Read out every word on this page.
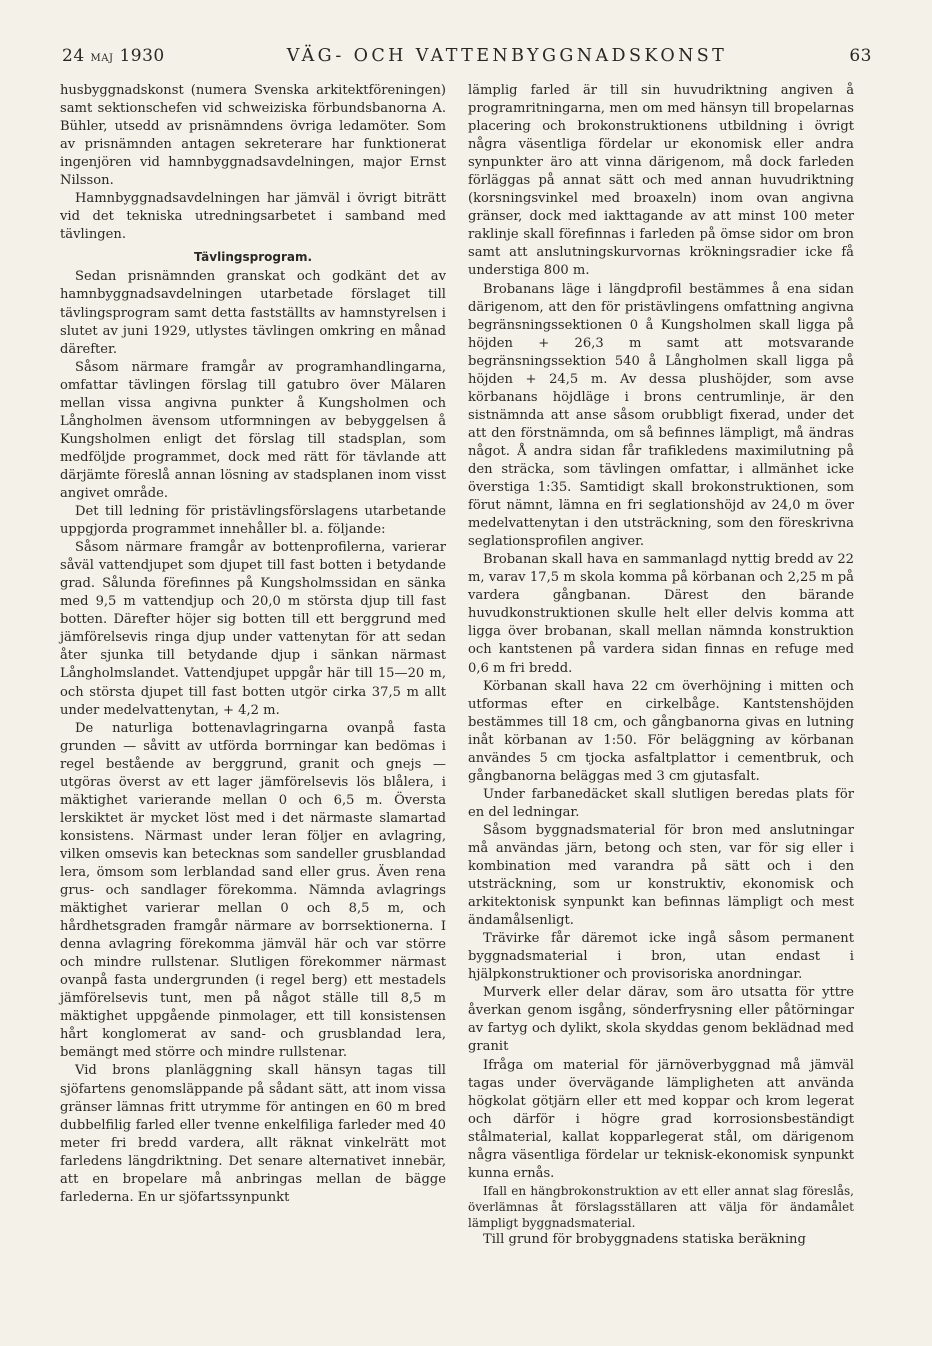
24 maj 1930	VÄG- OCH VATTENBYGGNADSKONST	63

husbyggnadskonst (numera Svenska arkitektföreningen) samt sektionschefen vid schweiziska förbundsbanorna A. Bühler, utsedd av prisnämndens övriga ledamöter. Som av prisnämnden antagen sekreterare har funktionerat ingenjören vid hamnbyggnadsavdelningen, major Ernst Nilsson.

Hamnbyggnadsavdelningen har jämväl i övrigt biträtt vid det tekniska utredningsarbetet i samband med tävlingen.

Tävlingsprogram.

Sedan prisnämnden granskat och godkänt det av hamnbyggnadsavdelningen utarbetade förslaget till tävlingsprogram samt detta fastställts av hamnstyrelsen i slutet av juni 1929, utlystes tävlingen omkring en månad därefter.

Såsom närmare framgår av programhandlingarna, omfattar tävlingen förslag till gatubro över Mälaren mellan vissa angivna punkter å Kungsholmen och Långholmen ävensom utformningen av bebyggelsen å Kungsholmen enligt det förslag till stadsplan, som medföljde programmet, dock med rätt för tävlande att därjämte föreslå annan lösning av stadsplanen inom visst angivet område.

Det till ledning för pristävlingsförslagens utarbetande uppgjorda programmet innehåller bl. a. följande:

Såsom närmare framgår av bottenprofilerna, varierar såväl vattendjupet som djupet till fast botten i betydande grad. Sålunda förefinnes på Kungsholmssidan en sänka med 9,5 m vattendjup och 20,0 m största djup till fast botten. Därefter höjer sig botten till ett berggrund med jämförelsevis ringa djup under vattenytan för att sedan åter sjunka till betydande djup i sänkan närmast Långholmslandet. Vattendjupet uppgår här till 15—20 m, och största djupet till fast botten utgör cirka 37,5 m allt under medelvattenytan, + 4,2 m.

De naturliga bottenavlagringarna ovanpå fasta grunden — såvitt av utförda borrningar kan bedömas i regel bestående av berggrund, granit och gnejs — utgöras överst av ett lager jämförelsevis lös blålera, i mäktighet varierande mellan 0 och 6,5 m. Översta lerskiktet är mycket löst med i det närmaste slamartad konsistens. Närmast under leran följer en avlagring, vilken omsevis kan betecknas som sandeller grusblandad lera, ömsom som lerblandad sand eller grus. Även rena grus- och sandlager förekomma. Nämnda avlagrings mäktighet varierar mellan 0 och 8,5 m, och hårdhetsgraden framgår närmare av borrsektionerna. I denna avlagring förekomma jämväl här och var större och mindre rullstenar. Slutligen förekommer närmast ovanpå fasta undergrunden (i regel berg) ett mestadels jämförelsevis tunt, men på något ställe till 8,5 m mäktighet uppgående pinmolager, ett till konsistensen hårt konglomerat av sand- och grusblandad lera, bemängt med större och mindre rullstenar.

Vid brons planläggning skall hänsyn tagas till sjöfartens genomsläppande på sådant sätt, att inom vissa gränser lämnas fritt utrymme för antingen en 60 m bred dubbelfilig farled eller tvenne enkelfiliga farleder med 40 meter fri bredd vardera, allt räknat vinkelrätt mot farledens längdriktning. Det senare alternativet innebär, att en bropelare må anbringas mellan de bägge farlederna. En ur sjöfartssynpunkt

lämplig farled är till sin huvudriktning angiven å programritningarna, men om med hänsyn till bropelarnas placering och brokonstruktionens utbildning i övrigt några väsentliga fördelar ur ekonomisk eller andra synpunkter äro att vinna därigenom, må dock farleden förläggas på annat sätt och med annan huvudriktning (korsningsvinkel med broaxeln) inom ovan angivna gränser, dock med iakttagande av att minst 100 meter raklinje skall förefinnas i farleden på ömse sidor om bron samt att anslutningskurvornas krökningsradier icke få understiga 800 m.

Brobanans läge i längdprofil bestämmes å ena sidan därigenom, att den för pristävlingens omfattning angivna begränsningssektionen 0 å Kungsholmen skall ligga på höjden + 26,3 m samt att motsvarande begränsningssektion 540 å Långholmen skall ligga på höjden + 24,5 m. Av dessa plushöjder, som avse körbanans höjdläge i brons centrumlinje, är den sistnämnda att anse såsom orubbligt fixerad, under det att den förstnämnda, om så befinnes lämpligt, må ändras något. Å andra sidan får trafikledens maximilutning på den sträcka, som tävlingen omfattar, i allmänhet icke överstiga 1:35. Samtidigt skall brokonstruktionen, som förut nämnt, lämna en fri seglationshöjd av 24,0 m över medelvattenytan i den utsträckning, som den föreskrivna seglationsprofilen angiver.

Brobanan skall hava en sammanlagd nyttig bredd av 22 m, varav 17,5 m skola komma på körbanan och 2,25 m på vardera gångbanan. Därest den bärande huvudkonstruktionen skulle helt eller delvis komma att ligga över brobanan, skall mellan nämnda konstruktion och kantstenen på vardera sidan finnas en refuge med 0,6 m fri bredd.

Körbanan skall hava 22 cm överhöjning i mitten och utformas efter en cirkelbåge. Kantstenshöjden bestämmes till 18 cm, och gångbanorna givas en lutning inåt körbanan av 1:50. För beläggning av körbanan användes 5 cm tjocka asfaltplattor i cementbruk, och gångbanorna beläggas med 3 cm gjutasfalt.

Under farbanedäcket skall slutligen beredas plats för en del ledningar.

Såsom byggnadsmaterial för bron med anslutningar må användas järn, betong och sten, var för sig eller i kombination med varandra på sätt och i den utsträckning, som ur konstruktiv, ekonomisk och arkitektonisk synpunkt kan befinnas lämpligt och mest ändamålsenligt.

Trävirke får däremot icke ingå såsom permanent byggnadsmaterial i bron, utan endast i hjälpkonstruktioner och provisoriska anordningar.

Murverk eller delar därav, som äro utsatta för yttre åverkan genom isgång, sönderfrysning eller påtörningar av fartyg och dylikt, skola skyddas genom beklädnad med granit

Ifråga om material för järnöverbyggnad må jämväl tagas under övervägande lämpligheten att använda högkolat götjärn eller ett med koppar och krom legerat och därför i högre grad korrosionsbeständigt stålmaterial, kallat kopparlegerat stål, om därigenom några väsentliga fördelar ur teknisk-ekonomisk synpunkt kunna ernås.

Ifall en hängbrokonstruktion av ett eller annat slag föreslås, överlämnas åt förslagsställaren att välja för ändamålet lämpligt byggnadsmaterial.

Till grund för brobyggnadens statiska beräkning
